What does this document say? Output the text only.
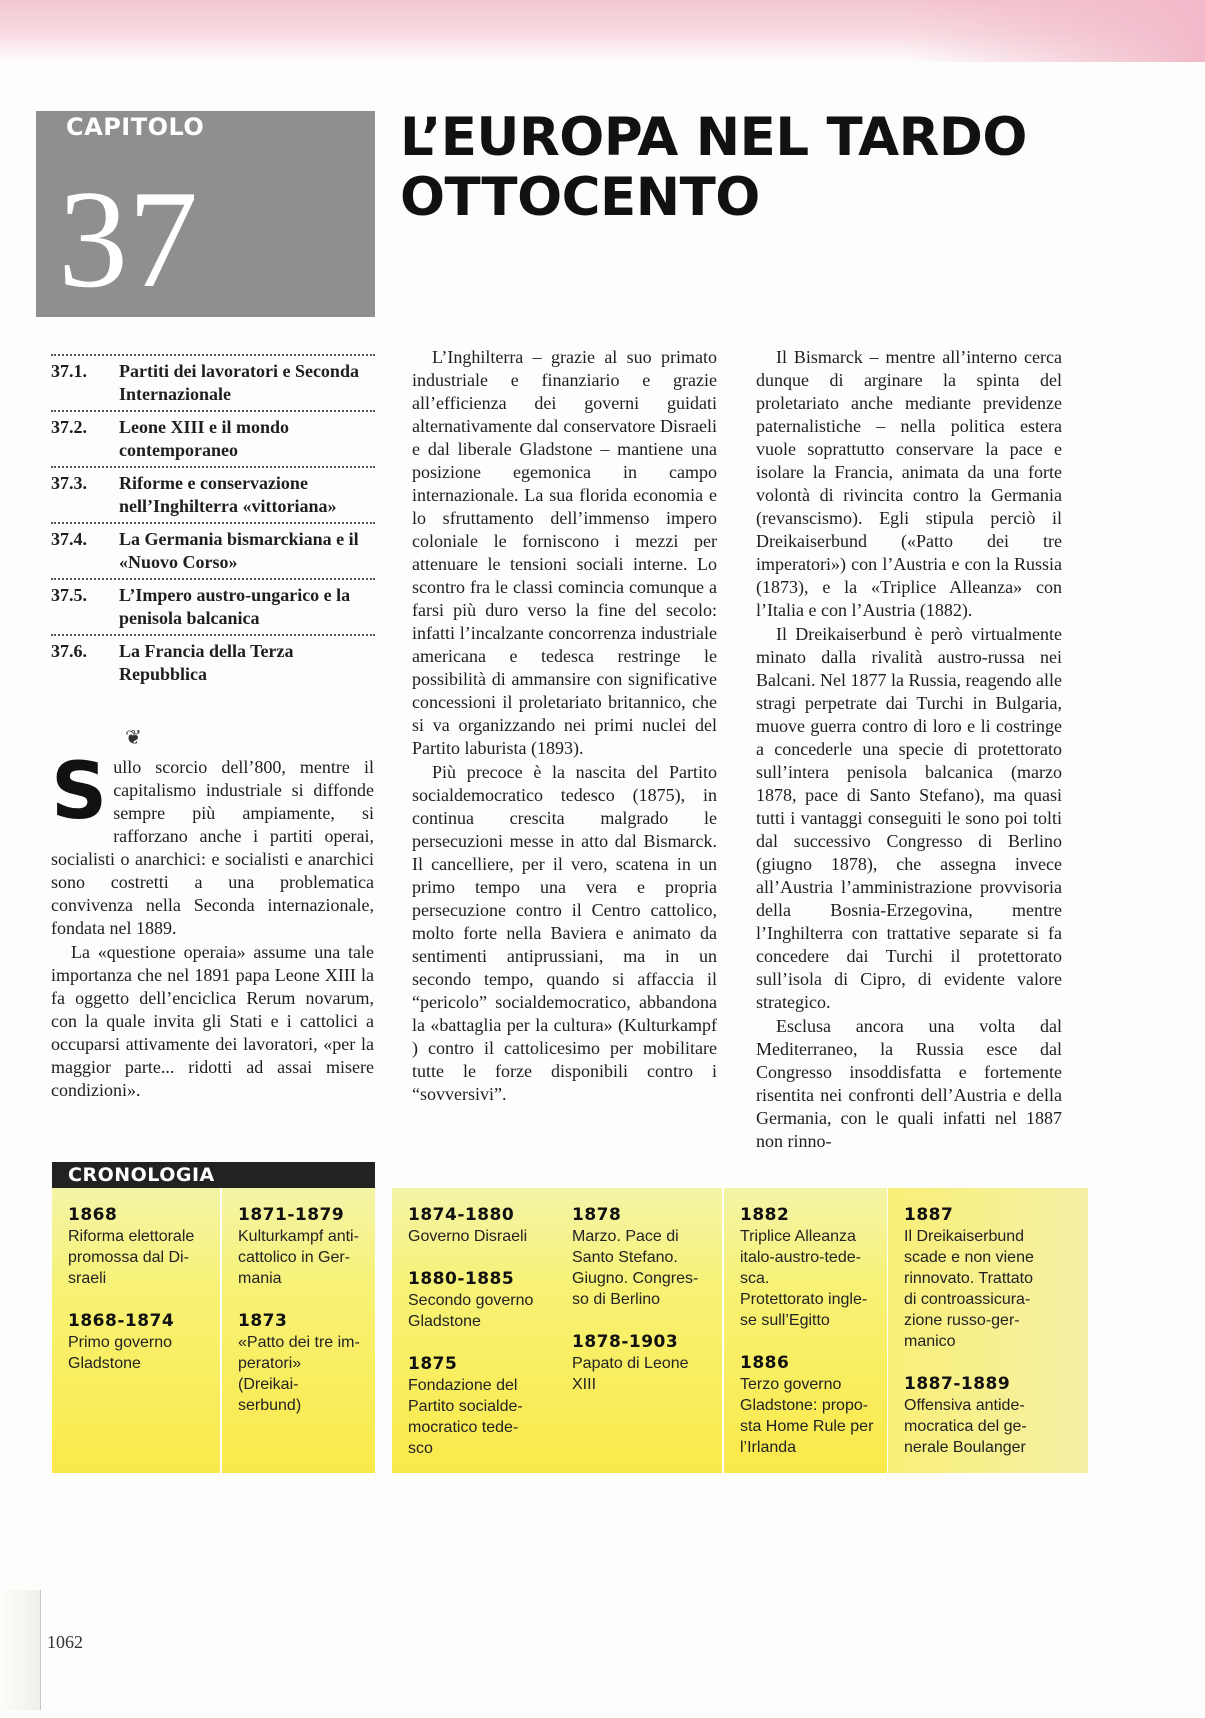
CAPITOLO
37
L’EUROPA NEL TARDO
OTTOCENTO
37.1.	Partiti dei lavoratori e Seconda Internazionale
37.2.	Leone XIII e il mondo contemporaneo
37.3.	Riforme e conservazione nell’Inghilterra «vittoriana»
37.4.	La Germania bismarckiana e il «Nuovo Corso»
37.5.	L’Impero austro-ungarico e la penisola balcanica
37.6.	La Francia della Terza Repubblica
❦

Sullo scorcio dell’800, mentre il capitalismo industriale si diffonde sempre più ampiamente, si rafforzano anche i partiti operai, socialisti o anarchici: e socialisti e anarchici sono costretti a una problematica convivenza nella Seconda internazionale, fondata nel 1889.

La «questione operaia» assume una tale importanza che nel 1891 papa Leone XIII la fa oggetto dell’enciclica Rerum novarum, con la quale invita gli Stati e i cattolici a occuparsi attivamente dei lavoratori, «per la maggior parte... ridotti ad assai misere condizioni».

L’Inghilterra – grazie al suo primato industriale e finanziario e grazie all’efficienza dei governi guidati alternativamente dal conservatore Disraeli e dal liberale Gladstone – mantiene una posizione egemonica in campo internazionale. La sua florida economia e lo sfruttamento dell’immenso impero coloniale le forniscono i mezzi per attenuare le tensioni sociali interne. Lo scontro fra le classi comincia comunque a farsi più duro verso la fine del secolo: infatti l’incalzante concorrenza industriale americana e tedesca restringe le possibilità di ammansire con significative concessioni il proletariato britannico, che si va organizzando nei primi nuclei del Partito laburista (1893).

Più precoce è la nascita del Partito socialdemocratico tedesco (1875), in continua crescita malgrado le persecuzioni messe in atto dal Bismarck. Il cancelliere, per il vero, scatena in un primo tempo una vera e propria persecuzione contro il Centro cattolico, molto forte nella Baviera e animato da sentimenti antiprussiani, ma in un secondo tempo, quando si affaccia il “pericolo” socialdemocratico, abbandona la «battaglia per la cultura» (Kulturkampf ) contro il cattolicesimo per mobilitare tutte le forze disponibili contro i “sovversivi”.

Il Bismarck – mentre all’interno cerca dunque di arginare la spinta del proletariato anche mediante previdenze paternalistiche – nella politica estera vuole soprattutto conservare la pace e isolare la Francia, animata da una forte volontà di rivincita contro la Germania (revanscismo). Egli stipula perciò il Dreikaiserbund («Patto dei tre imperatori») con l’Austria e con la Russia (1873), e la «Triplice Alleanza» con l’Italia e con l’Austria (1882).

Il Dreikaiserbund è però virtualmente minato dalla rivalità austro-russa nei Balcani. Nel 1877 la Russia, reagendo alle stragi perpetrate dai Turchi in Bulgaria, muove guerra contro di loro e li costringe a concederle una specie di protettorato sull’intera penisola balcanica (marzo 1878, pace di Santo Stefano), ma quasi tutti i vantaggi conseguiti le sono poi tolti dal successivo Congresso di Berlino (giugno 1878), che assegna invece all’Austria l’amministrazione provvisoria della Bosnia-Erzegovina, mentre l’Inghilterra con trattative separate si fa concedere dai Turchi il protettorato sull’isola di Cipro, di evidente valore strategico.

Esclusa ancora una volta dal Mediterraneo, la Russia esce dal Congresso insoddisfatta e fortemente risentita nei confronti dell’Austria e della Germania, con le quali infatti nel 1887 non rinno-

CRONOLOGIA
1868
Riforma elettorale
promossa dal Di-
sraeli
1868-1874
Primo governo
Gladstone
1871-1879
Kulturkampf anti-
cattolico in Ger-
mania
1873
«Patto dei tre im-
peratori» (Dreikai-
serbund)
1874-1880
Governo Disraeli
1880-1885
Secondo governo
Gladstone
1875
Fondazione del
Partito socialde-
mocratico tede-
sco
1878
Marzo. Pace di
Santo Stefano.
Giugno. Congres-
so di Berlino
1878-1903
Papato di Leone
XIII
1882
Triplice Alleanza
italo-austro-tede-
sca.
Protettorato ingle-
se sull’Egitto
1886
Terzo governo
Gladstone: propo-
sta Home Rule per
l’Irlanda
1887
Il Dreikaiserbund
scade e non viene
rinnovato. Trattato
di controassicura-
zione russo-ger-
manico
1887-1889
Offensiva antide-
mocratica del ge-
nerale Boulanger
1062
